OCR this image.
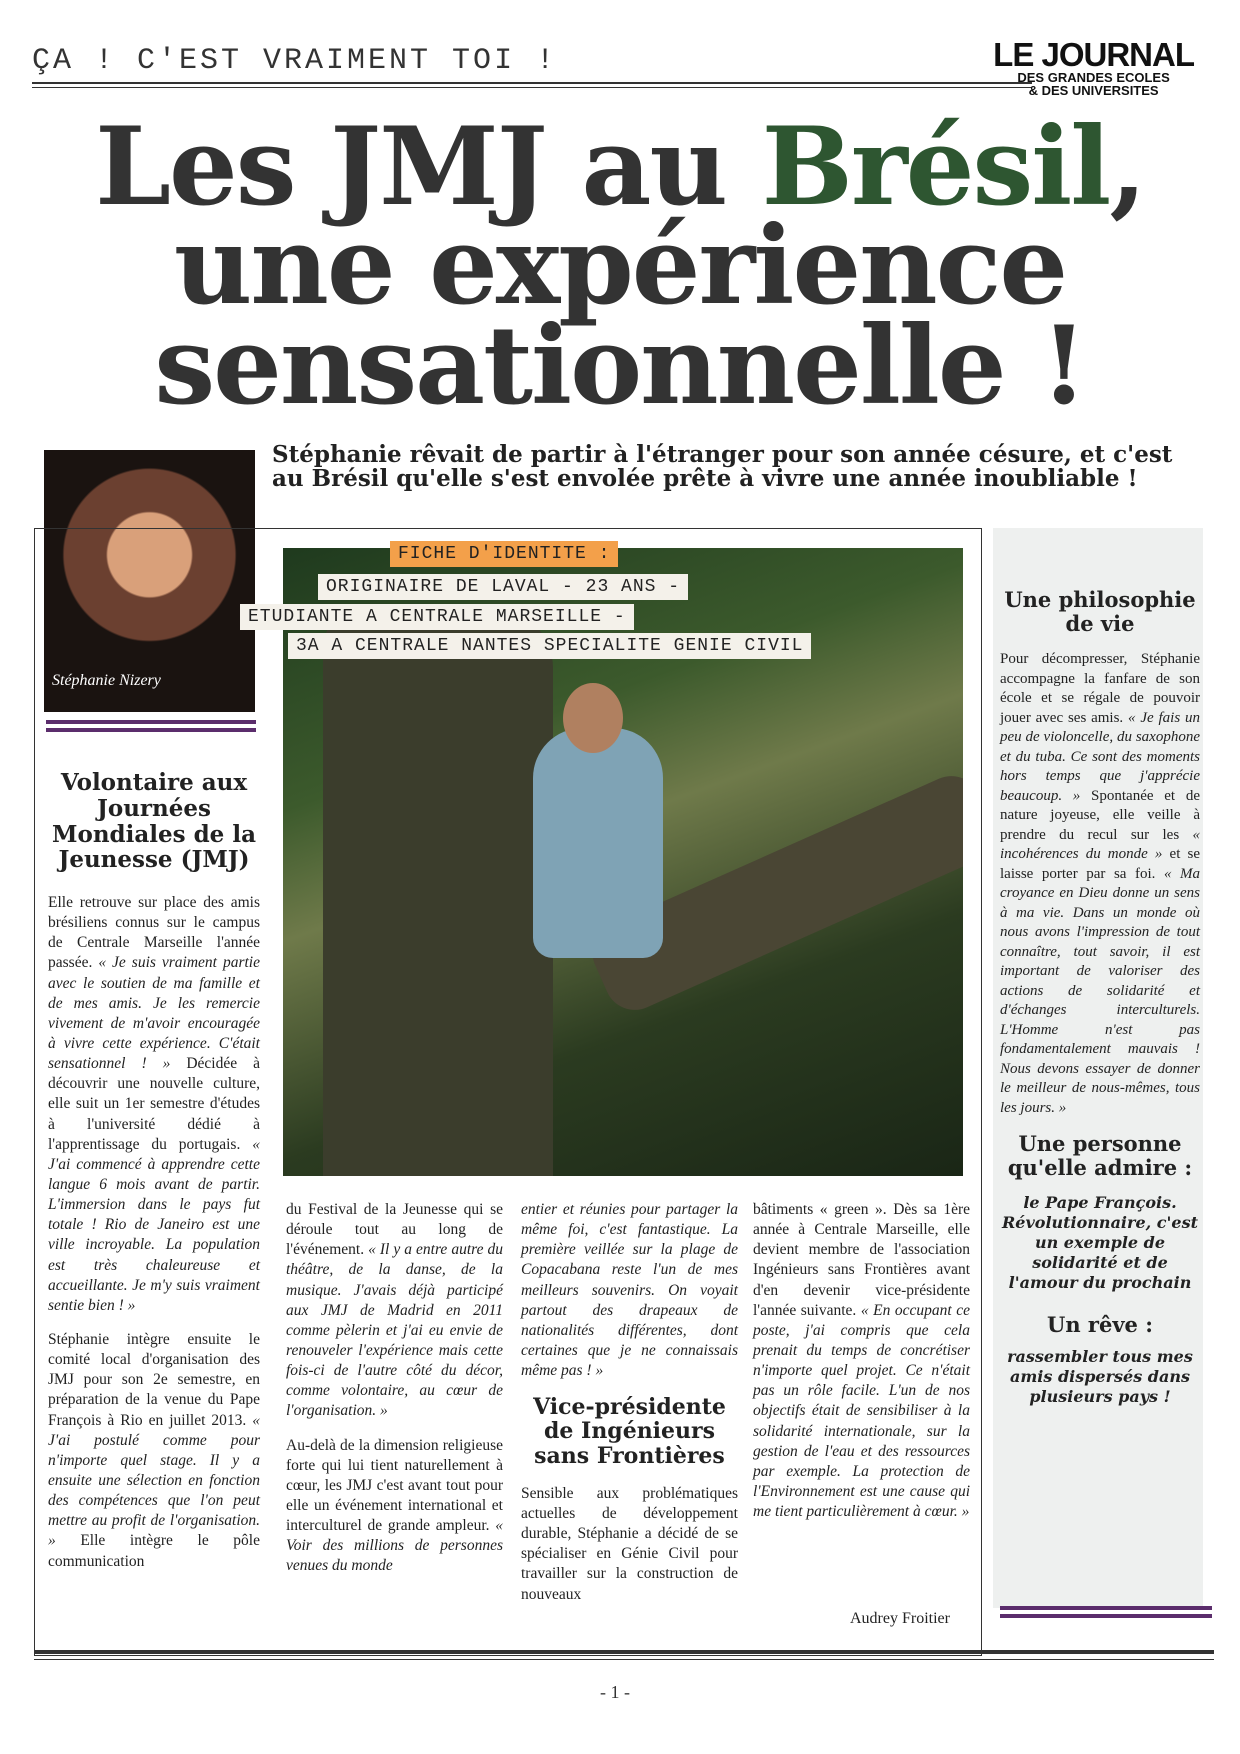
ÇA ! C'EST VRAIMENT TOI !	LE JOURNAL
DES GRANDES ECOLES
& DES UNIVERSITES
Les JMJ au Brésil,
une expérience
sensationnelle !
Stéphanie Nizery
Stéphanie rêvait de partir à l'étranger pour son année césure, et c'est au Brésil qu'elle s'est envolée prête à vivre une année inoubliable !
FICHE D'IDENTITE :
ORIGINAIRE DE LAVAL - 23 ANS -
ETUDIANTE A CENTRALE MARSEILLE -
3A A CENTRALE NANTES SPECIALITE GENIE CIVIL
Volontaire aux Journées Mondiales de la Jeunesse (JMJ)

Elle retrouve sur place des amis brésiliens connus sur le campus de Centrale Marseille l'année passée. « Je suis vraiment partie avec le soutien de ma famille et de mes amis. Je les remercie vivement de m'avoir encouragée à vivre cette expérience. C'était sensationnel ! » Décidée à découvrir une nouvelle culture, elle suit un 1er semestre d'études à l'université dédié à l'apprentissage du portugais. « J'ai commencé à apprendre cette langue 6 mois avant de partir. L'immersion dans le pays fut totale ! Rio de Janeiro est une ville incroyable. La population est très chaleureuse et accueillante. Je m'y suis vraiment sentie bien ! »

Stéphanie intègre ensuite le comité local d'organisation des JMJ pour son 2e semestre, en préparation de la venue du Pape François à Rio en juillet 2013. « J'ai postulé comme pour n'importe quel stage. Il y a ensuite une sélection en fonction des compétences que l'on peut mettre au profit de l'organisation. » Elle intègre le pôle communication

du Festival de la Jeunesse qui se déroule tout au long de l'événement. « Il y a entre autre du théâtre, de la danse, de la musique. J'avais déjà participé aux JMJ de Madrid en 2011 comme pèlerin et j'ai eu envie de renouveler l'expérience mais cette fois-ci de l'autre côté du décor, comme volontaire, au cœur de l'organisation. »

Au-delà de la dimension religieuse forte qui lui tient naturellement à cœur, les JMJ c'est avant tout pour elle un événement international et interculturel de grande ampleur. « Voir des millions de personnes venues du monde

entier et réunies pour partager la même foi, c'est fantastique. La première veillée sur la plage de Copacabana reste l'un de mes meilleurs souvenirs. On voyait partout des drapeaux de nationalités différentes, dont certaines que je ne connaissais même pas ! »

Vice-présidente de Ingénieurs sans Frontières

Sensible aux problématiques actuelles de développement durable, Stéphanie a décidé de se spécialiser en Génie Civil pour travailler sur la construction de nouveaux

bâtiments « green ». Dès sa 1ère année à Centrale Marseille, elle devient membre de l'association Ingénieurs sans Frontières avant d'en devenir vice-présidente l'année suivante. « En occupant ce poste, j'ai compris que cela prenait du temps de concrétiser n'importe quel projet. Ce n'était pas un rôle facile. L'un de nos objectifs était de sensibiliser à la solidarité internationale, sur la gestion de l'eau et des ressources par exemple. La protection de l'Environnement est une cause qui me tient particulièrement à cœur. »

Audrey Froitier
Une philosophie de vie

Pour décompresser, Stéphanie accompagne la fanfare de son école et se régale de pouvoir jouer avec ses amis. « Je fais un peu de violoncelle, du saxophone et du tuba. Ce sont des moments hors temps que j'apprécie beaucoup. » Spontanée et de nature joyeuse, elle veille à prendre du recul sur les « incohérences du monde » et se laisse porter par sa foi. « Ma croyance en Dieu donne un sens à ma vie. Dans un monde où nous avons l'impression de tout connaître, tout savoir, il est important de valoriser des actions de solidarité et d'échanges interculturels. L'Homme n'est pas fondamentalement mauvais ! Nous devons essayer de donner le meilleur de nous-mêmes, tous les jours. »

Une personne qu'elle admire :
le Pape François. Révolutionnaire, c'est un exemple de solidarité et de l'amour du prochain
Un rêve :
rassembler tous mes amis dispersés dans plusieurs pays !
- 1 -
